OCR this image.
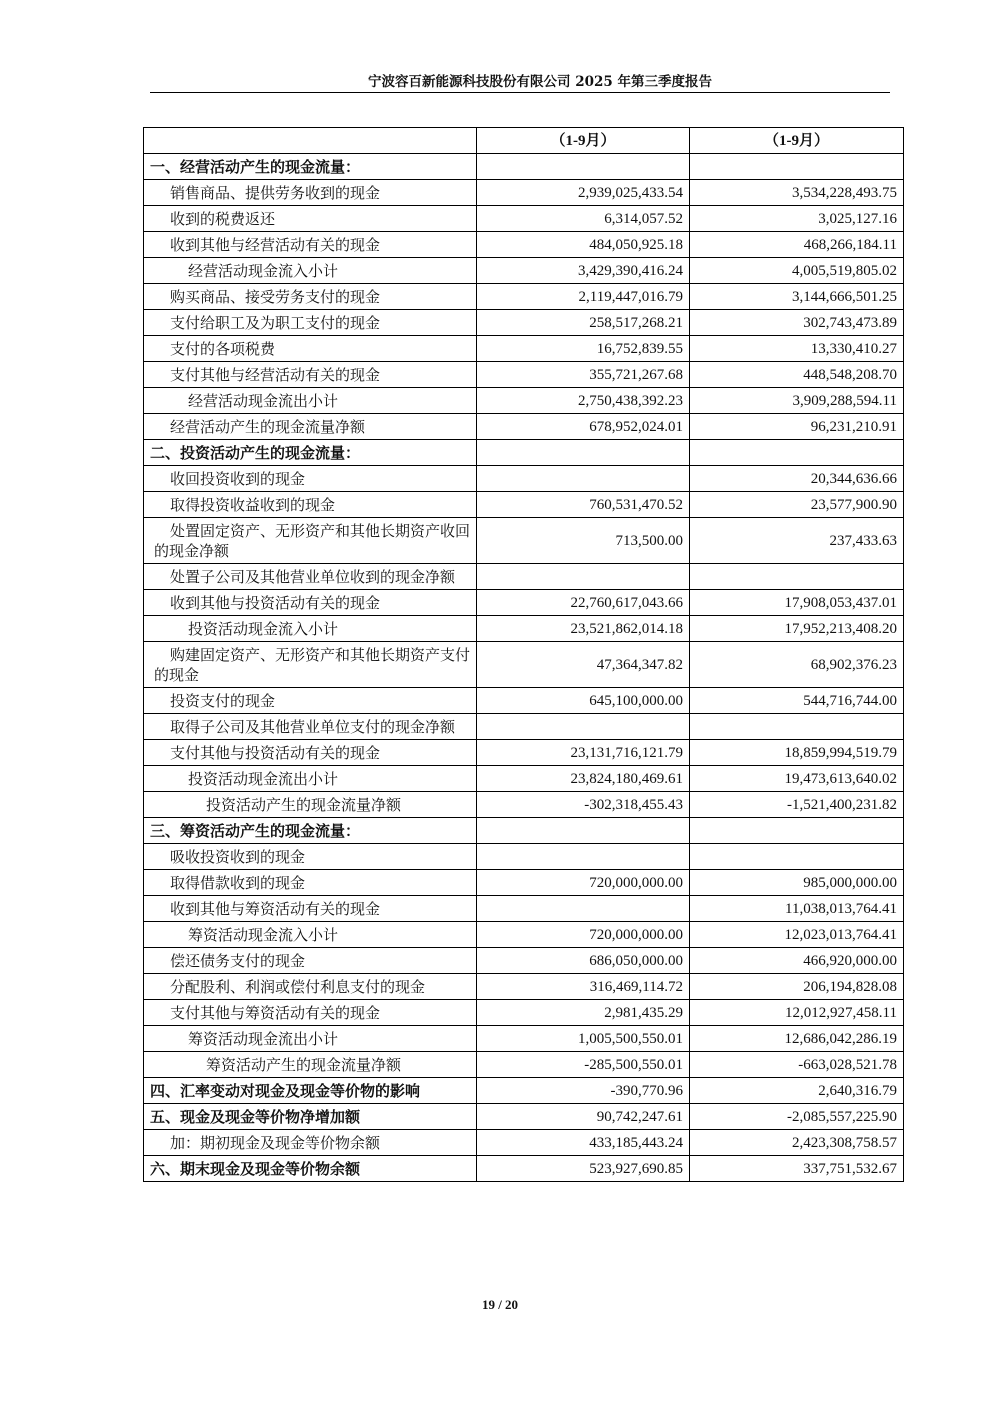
宁波容百新能源科技股份有限公司 2025 年第三季度报告
	（1-9月）	（1-9月）
一、经营活动产生的现金流量：		
销售商品、提供劳务收到的现金	2,939,025,433.54	3,534,228,493.75
收到的税费返还	6,314,057.52	3,025,127.16
收到其他与经营活动有关的现金	484,050,925.18	468,266,184.11
经营活动现金流入小计	3,429,390,416.24	4,005,519,805.02
购买商品、接受劳务支付的现金	2,119,447,016.79	3,144,666,501.25
支付给职工及为职工支付的现金	258,517,268.21	302,743,473.89
支付的各项税费	16,752,839.55	13,330,410.27
支付其他与经营活动有关的现金	355,721,267.68	448,548,208.70
经营活动现金流出小计	2,750,438,392.23	3,909,288,594.11
经营活动产生的现金流量净额	678,952,024.01	96,231,210.91
二、投资活动产生的现金流量：		
收回投资收到的现金		20,344,636.66
取得投资收益收到的现金	760,531,470.52	23,577,900.90
处置固定资产、无形资产和其他长期资产收回的现金净额	713,500.00	237,433.63
处置子公司及其他营业单位收到的现金净额		
收到其他与投资活动有关的现金	22,760,617,043.66	17,908,053,437.01
投资活动现金流入小计	23,521,862,014.18	17,952,213,408.20
购建固定资产、无形资产和其他长期资产支付的现金	47,364,347.82	68,902,376.23
投资支付的现金	645,100,000.00	544,716,744.00
取得子公司及其他营业单位支付的现金净额		
支付其他与投资活动有关的现金	23,131,716,121.79	18,859,994,519.79
投资活动现金流出小计	23,824,180,469.61	19,473,613,640.02
投资活动产生的现金流量净额	-302,318,455.43	-1,521,400,231.82
三、筹资活动产生的现金流量：		
吸收投资收到的现金		
取得借款收到的现金	720,000,000.00	985,000,000.00
收到其他与筹资活动有关的现金		11,038,013,764.41
筹资活动现金流入小计	720,000,000.00	12,023,013,764.41
偿还债务支付的现金	686,050,000.00	466,920,000.00
分配股利、利润或偿付利息支付的现金	316,469,114.72	206,194,828.08
支付其他与筹资活动有关的现金	2,981,435.29	12,012,927,458.11
筹资活动现金流出小计	1,005,500,550.01	12,686,042,286.19
筹资活动产生的现金流量净额	-285,500,550.01	-663,028,521.78
四、汇率变动对现金及现金等价物的影响	-390,770.96	2,640,316.79
五、现金及现金等价物净增加额	90,742,247.61	-2,085,557,225.90
加：期初现金及现金等价物余额	433,185,443.24	2,423,308,758.57
六、期末现金及现金等价物余额	523,927,690.85	337,751,532.67
19 / 20
